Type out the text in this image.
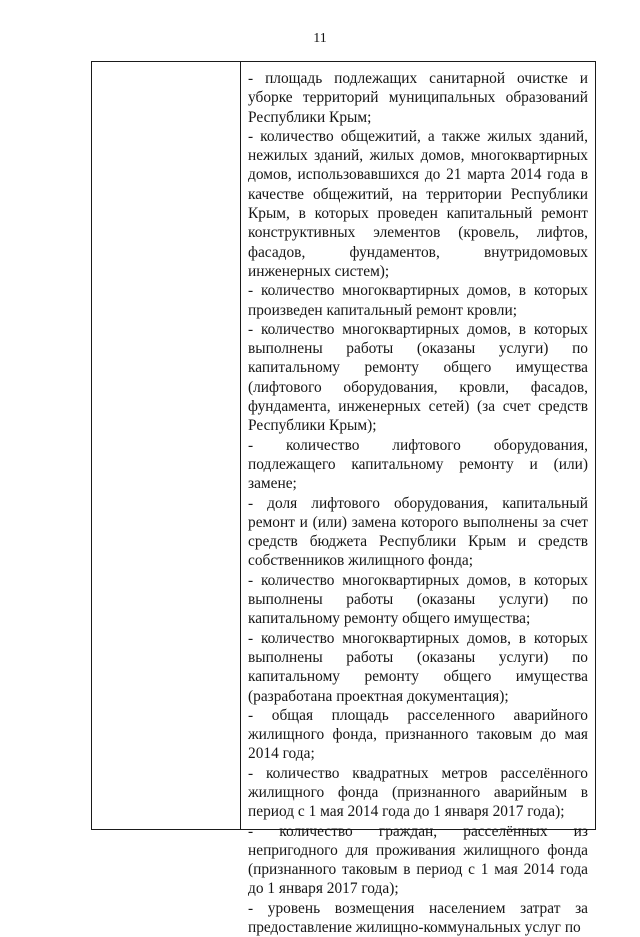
11

- площадь подлежащих санитарной очистке и уборке территорий муниципальных образований Республики Крым;

- количество общежитий, а также жилых зданий, нежилых зданий, жилых домов, многоквартирных домов, использовавшихся до 21 марта 2014 года в качестве общежитий, на территории Республики Крым, в которых проведен капитальный ремонт конструктивных элементов (кровель, лифтов, фасадов, фундаментов, внутридомовых инженерных систем);

- количество многоквартирных домов, в которых произведен капитальный ремонт кровли;

- количество многоквартирных домов, в которых выполнены работы (оказаны услуги) по капитальному ремонту общего имущества (лифтового оборудования, кровли, фасадов, фундамента, инженерных сетей) (за счет средств Республики Крым);

- количество лифтового оборудования, подлежащего капитальному ремонту и (или) замене;

- доля лифтового оборудования, капитальный ремонт и (или) замена которого выполнены за счет средств бюджета Республики Крым и средств собственников жилищного фонда;

- количество многоквартирных домов, в которых выполнены работы (оказаны услуги) по капитальному ремонту общего имущества;

- количество многоквартирных домов, в которых выполнены работы (оказаны услуги) по капитальному ремонту общего имущества (разработана проектная документация);

- общая площадь расселенного аварийного жилищного фонда, признанного таковым до мая 2014 года;

- количество квадратных метров расселённого жилищного фонда (признанного аварийным в период с 1 мая 2014 года до 1 января 2017 года);

- количество граждан, расселённых из непригодного для проживания жилищного фонда (признанного таковым в период с 1 мая 2014 года до 1 января 2017 года);

- уровень возмещения населением затрат за предоставление жилищно-коммунальных услуг по
